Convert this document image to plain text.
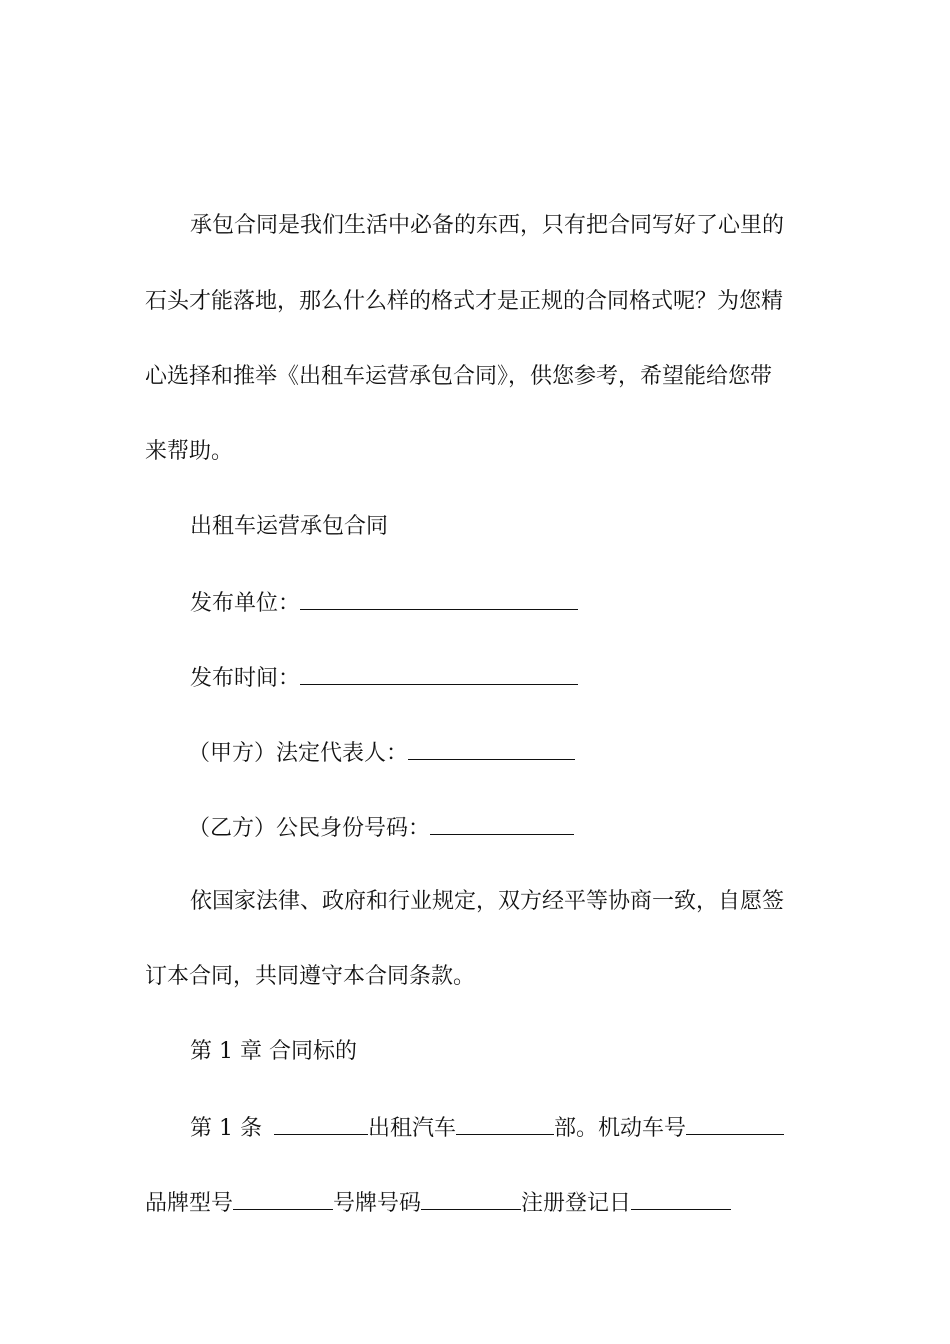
承包合同是我们生活中必备的东西，只有把合同写好了心里的
石头才能落地，那么什么样的格式才是正规的合同格式呢？为您精
心选择和推举《出租车运营承包合同》，供您参考，希望能给您带
来帮助。
出租车运营承包合同
发布单位：
发布时间：
（甲方）法定代表人：
（乙方）公民身份号码：
依国家法律、政府和行业规定，双方经平等协商一致，自愿签
订本合同，共同遵守本合同条款。
第 1 章 合同标的
第 1 条	出租汽车	部。机动车号
品牌型号	号牌号码	注册登记日
